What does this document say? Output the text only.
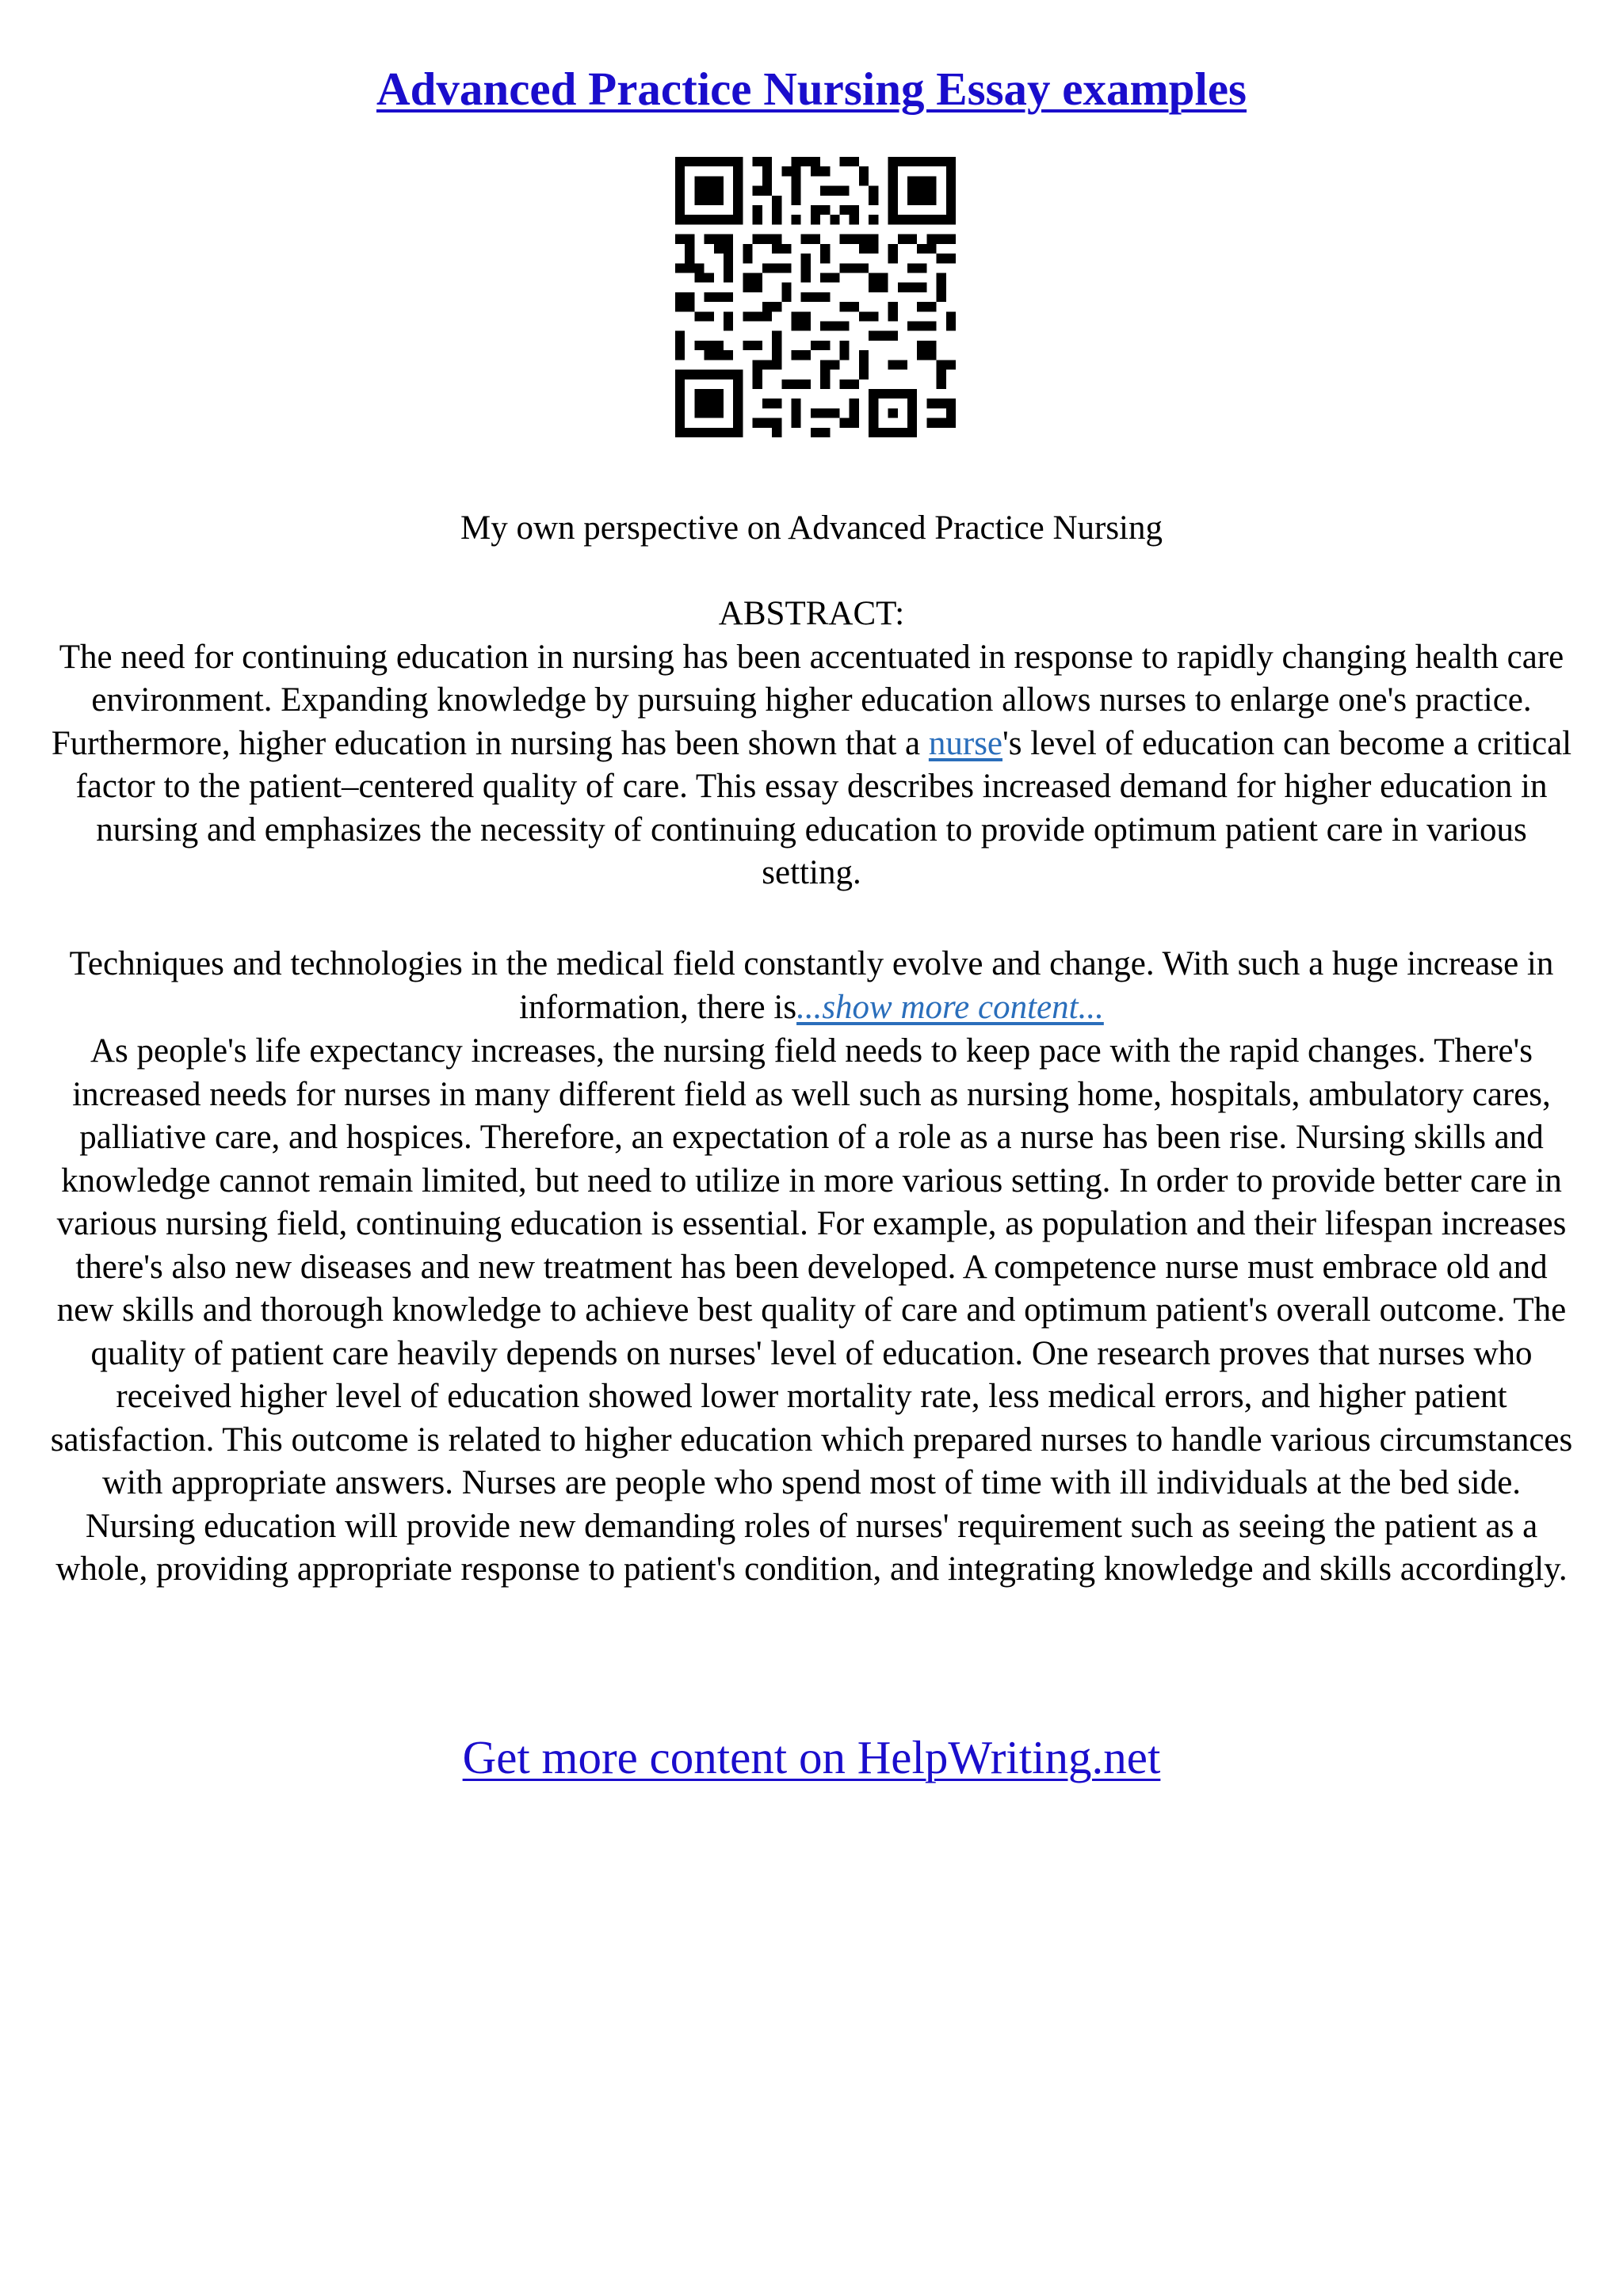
Advanced Practice Nursing Essay examples

My own perspective on Advanced Practice Nursing

ABSTRACT:
The need for continuing education in nursing has been accentuated in response to rapidly changing health care environment. Expanding knowledge by pursuing higher education allows nurses to enlarge one's practice. Furthermore, higher education in nursing has been shown that a nurse's level of education can become a critical factor to the patient–centered quality of care. This essay describes increased demand for higher education in nursing and emphasizes the necessity of continuing education to provide optimum patient care in various setting.

Techniques and technologies in the medical field constantly evolve and change. With such a huge increase in information, there is...show more content...

As people's life expectancy increases, the nursing field needs to keep pace with the rapid changes. There's increased needs for nurses in many different field as well such as nursing home, hospitals, ambulatory cares, palliative care, and hospices. Therefore, an expectation of a role as a nurse has been rise. Nursing skills and knowledge cannot remain limited, but need to utilize in more various setting. In order to provide better care in various nursing field, continuing education is essential. For example, as population and their lifespan increases there's also new diseases and new treatment has been developed. A competence nurse must embrace old and new skills and thorough knowledge to achieve best quality of care and optimum patient's overall outcome. The quality of patient care heavily depends on nurses' level of education. One research proves that nurses who received higher level of education showed lower mortality rate, less medical errors, and higher patient satisfaction. This outcome is related to higher education which prepared nurses to handle various circumstances with appropriate answers. Nurses are people who spend most of time with ill individuals at the bed side. Nursing education will provide new demanding roles of nurses' requirement such as seeing the patient as a whole, providing appropriate response to patient's condition, and integrating knowledge and skills accordingly.

Get more content on HelpWriting.net
